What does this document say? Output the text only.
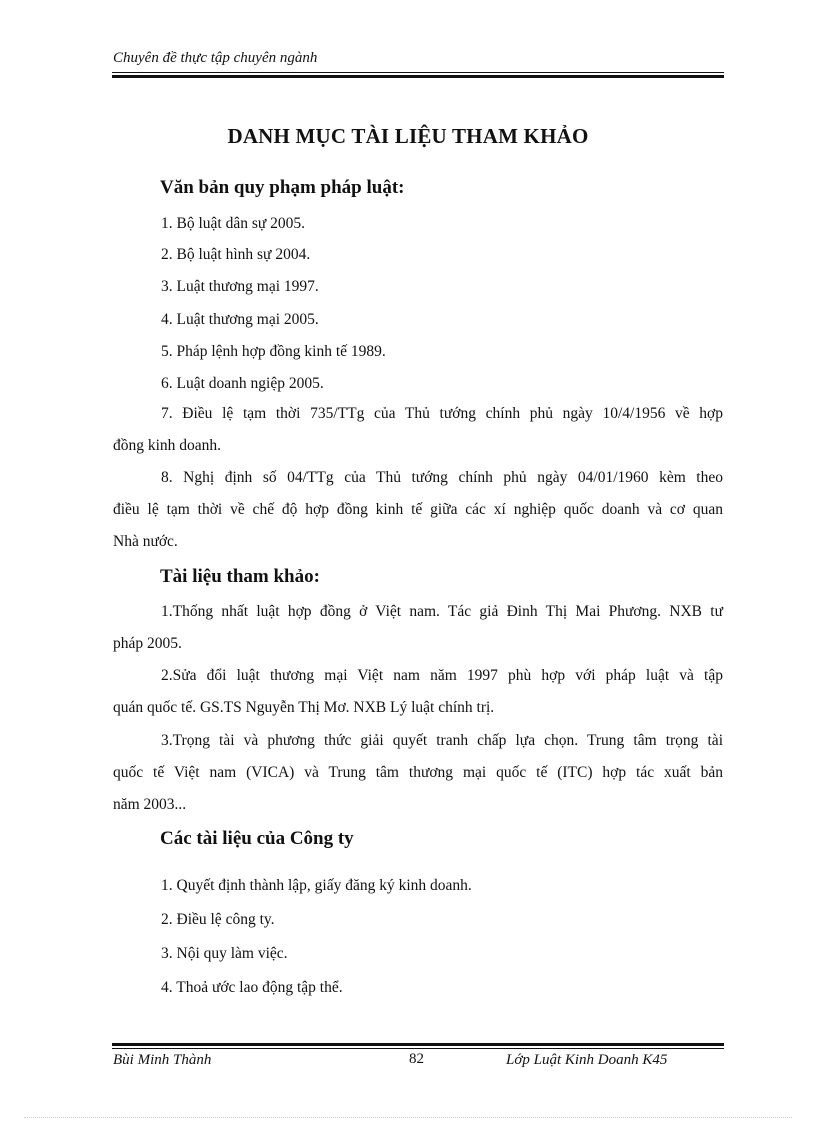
Chuyên đề thực tập chuyên ngành
DANH MỤC TÀI LIỆU THAM KHẢO
Văn bản quy phạm pháp luật:
1. Bộ luật dân sự 2005.
2. Bộ luật hình sự 2004.
3. Luật thương mại 1997.
4. Luật thương mại 2005.
5. Pháp lệnh hợp đồng kinh tế 1989.
6. Luật doanh ngiệp 2005.
7. Điều lệ tạm thời 735/TTg của Thủ tướng chính phủ ngày 10/4/1956 về hợp
đồng kinh doanh.
8. Nghị định số 04/TTg của Thủ tướng chính phủ ngày 04/01/1960 kèm theo
điều lệ tạm thời về chế độ hợp đồng kinh tế giữa các xí nghiệp quốc doanh và cơ quan
Nhà nước.
Tài liệu tham khảo:
1.Thống nhất luật hợp đồng ở Việt nam. Tác giả Đinh Thị Mai Phương. NXB tư
pháp 2005.
2.Sửa đổi luật thương mại Việt nam năm 1997 phù hợp với pháp luật và tập
quán quốc tế. GS.TS Nguyễn Thị Mơ. NXB Lý luật chính trị.
3.Trọng tài và phương thức giải quyết tranh chấp lựa chọn. Trung tâm trọng tài
quốc tế Việt nam (VICA) và Trung tâm thương mại quốc tế (ITC) hợp tác xuất bản
năm 2003...
Các tài liệu của Công ty
1. Quyết định thành lập, giấy đăng ký kinh doanh.
2. Điều lệ công ty.
3. Nội quy làm việc.
4. Thoả ước lao động tập thể.
Bùi Minh Thành	82	Lớp Luật Kinh Doanh K45
